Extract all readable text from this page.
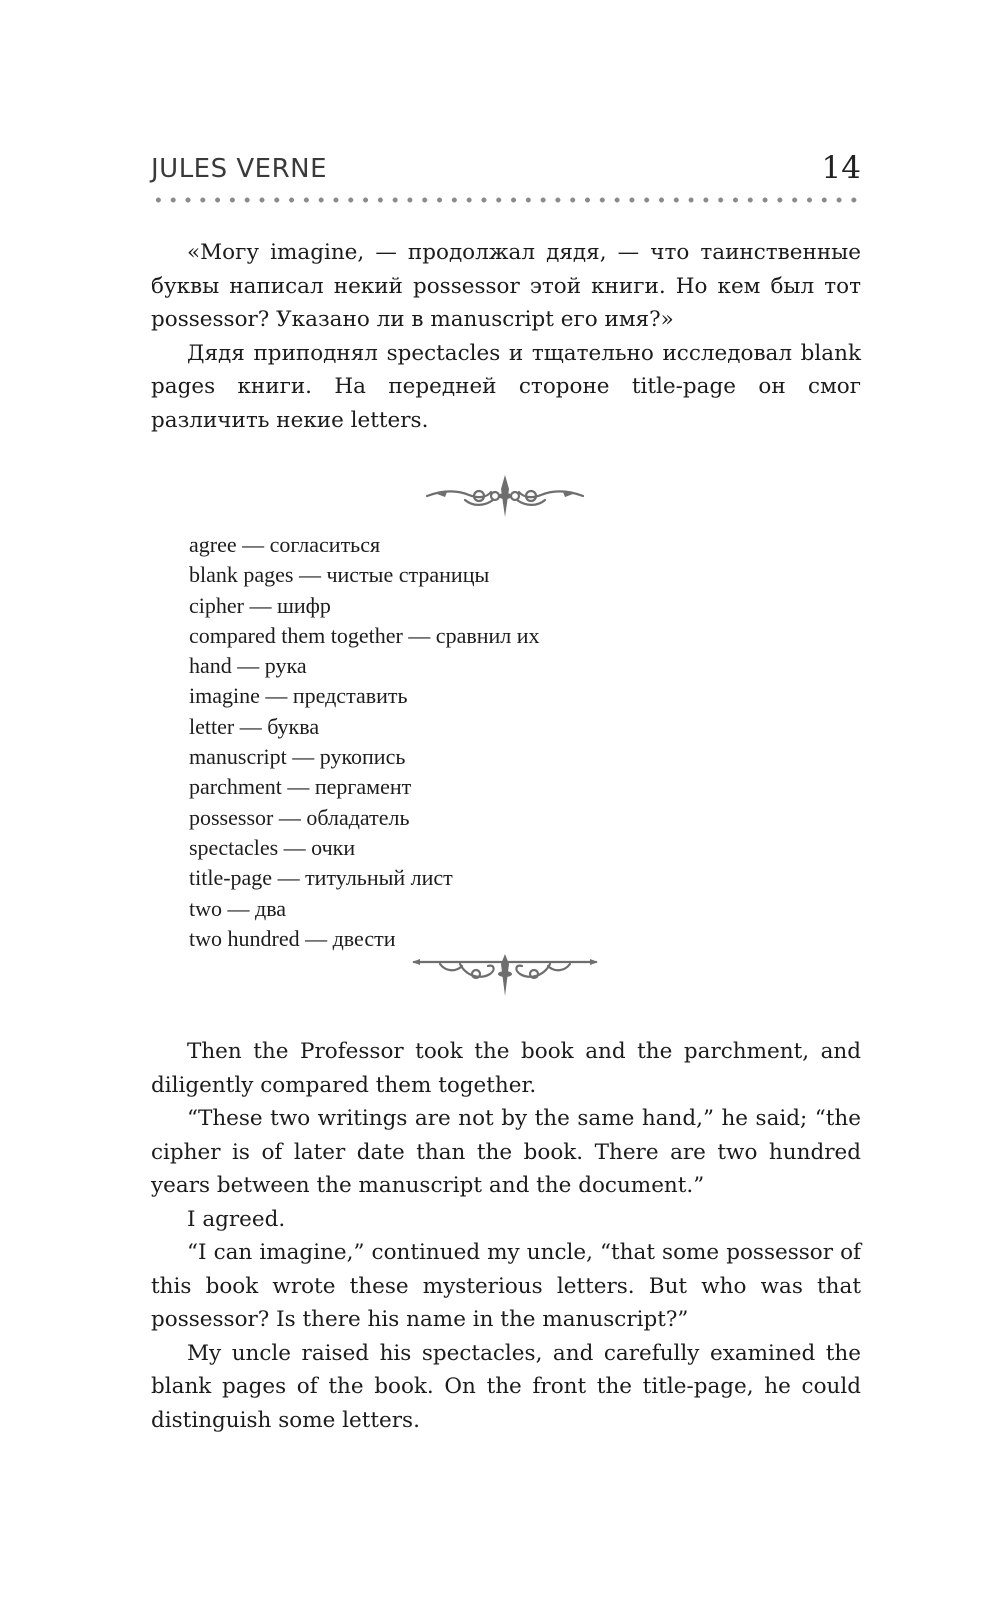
JULES VERNE	14

«Могу imagine, — продолжал дядя, — что таинственные буквы написал некий possessor этой книги. Но кем был тот possessor? Указано ли в manuscript его имя?»

Дядя приподнял spectacles и тщательно исследовал blank pages книги. На передней стороне title-page он смог различить некие letters.

agree — согласиться
blank pages — чистые страницы
cipher — шифр
compared them together — сравнил их
hand — рука
imagine — представить
letter — буква
manuscript — рукопись
parchment — пергамент
possessor — обладатель
spectacles — очки
title-page — титульный лист
two — два
two hundred — двести

Then the Professor took the book and the parchment, and diligently compared them together.

“These two writings are not by the same hand,” he said; “the cipher is of later date than the book. There are two hundred years between the manuscript and the document.”

I agreed.

“I can imagine,” continued my uncle, “that some possessor of this book wrote these mysterious letters. But who was that possessor? Is there his name in the manuscript?”

My uncle raised his spectacles, and carefully examined the blank pages of the book. On the front the title-page, he could distinguish some letters.
